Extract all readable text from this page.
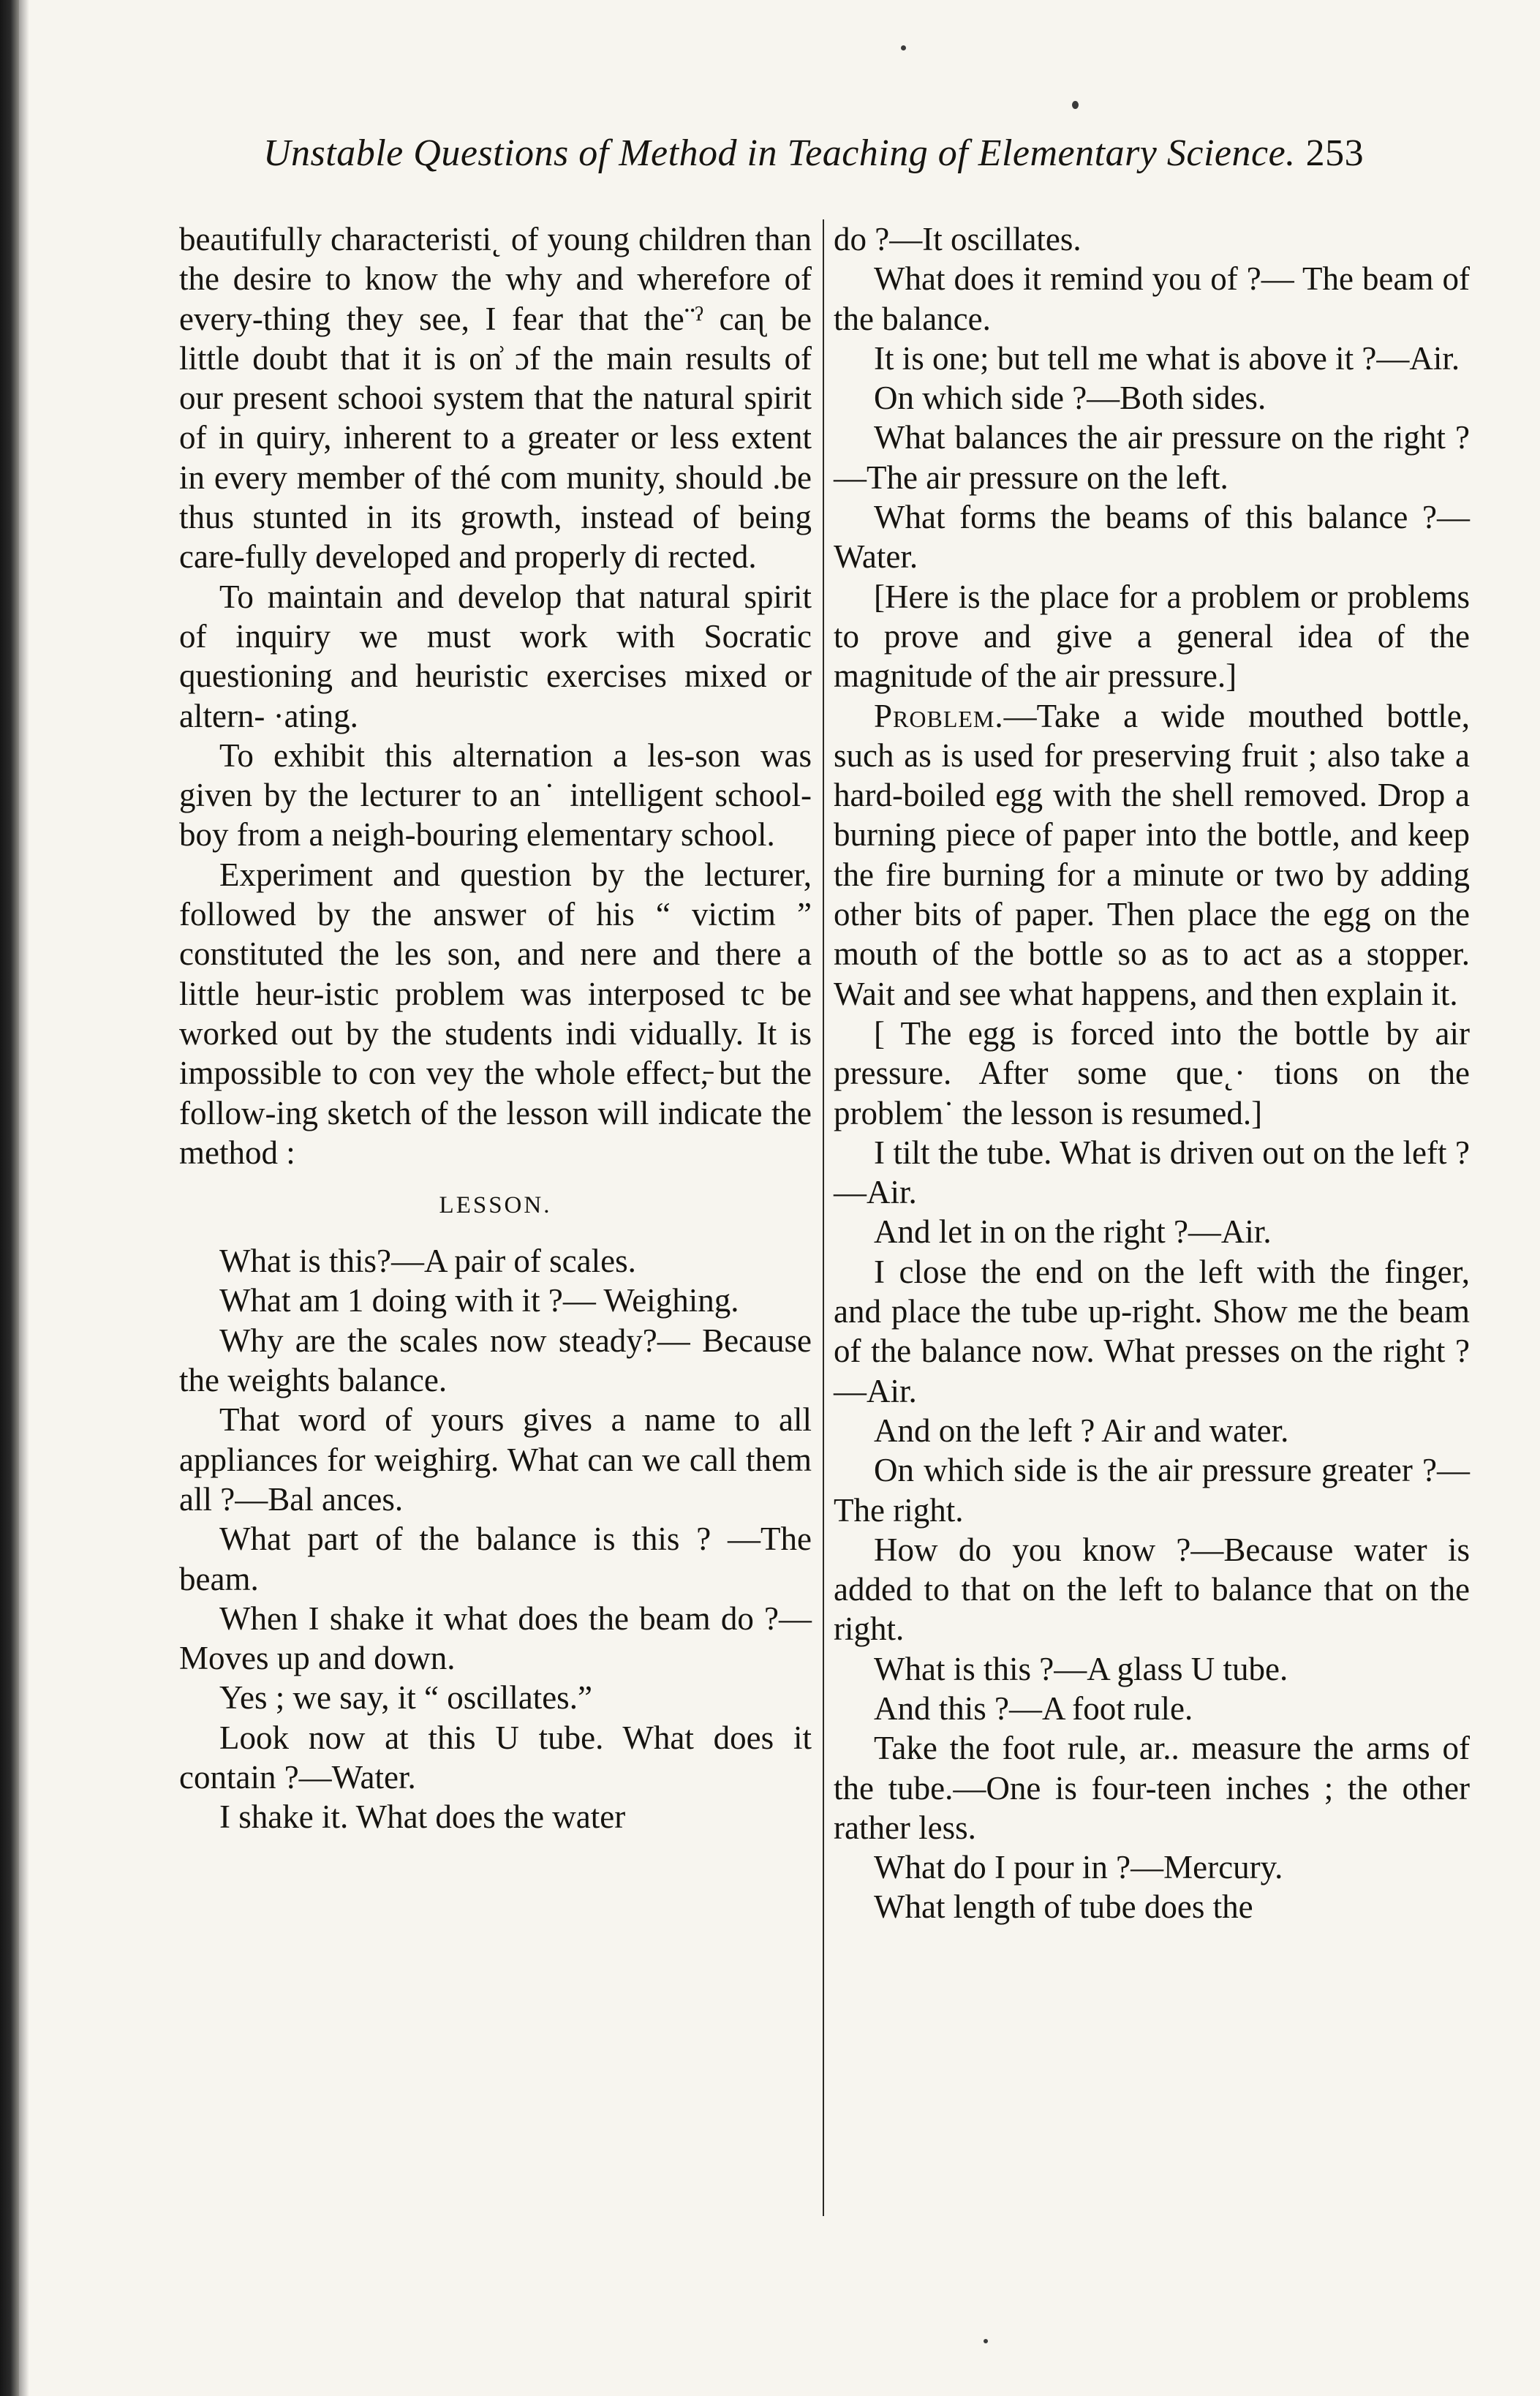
Unstable Questions of Method in Teaching of Elementary Science. 253

beautifully characteristi˛ of young children than the desire to know the why and wherefore of every-thing they see, I fear that the¨ˀ caɳ be little doubt that it is on͗ ɔf the main results of our present schooi system that the natural spirit of in quiry, inherent to a greater or less extent in every member of thé com munity, should .be thus stunted in its growth, instead of being care-fully developed and properly di rected.

To maintain and develop that natural spirit of inquiry we must work with Socratic questioning and heuristic exercises mixed or altern- ·ating.

To exhibit this alternation a les-son was given by the lecturer to an˙ intelligent school-boy from a neigh-bouring elementary school.

Experiment and question by the lecturer, followed by the answer of his “ victim ” constituted the les son, and nere and there a little heur-istic problem was interposed tc be worked out by the students indi vidually. It is impossible to con vey the whole effect,̵ but the follow-ing sketch of the lesson will indicate the method :

LESSON.

What is this?—A pair of scales.

What am 1 doing with it ?— Weighing.

Why are the scales now steady?— Because the weights balance.

That word of yours gives a name to all appliances for weighirg. What can we call them all ?—Bal ances.

What part of the balance is this ? —The beam.

When I shake it what does the beam do ?—Moves up and down.

Yes ; we say, it “ oscillates.”

Look now at this U tube. What does it contain ?—Water.

I shake it. What does the water

do ?—It oscillates.

What does it remind you of ?— The beam of the balance.

It is one; but tell me what is above it ?—Air.

On which side ?—Both sides.

What balances the air pressure on the right ?—The air pressure on the left.

What forms the beams of this balance ?—Water.

[Here is the place for a problem or problems to prove and give a general idea of the magnitude of the air pressure.]

Problem.—Take a wide mouthed bottle, such as is used for preserving fruit ; also take a hard-boiled egg with the shell removed. Drop a burning piece of paper into the bottle, and keep the fire burning for a minute or two by adding other bits of paper. Then place the egg on the mouth of the bottle so as to act as a stopper. Wait and see what happens, and then explain it.

[ The egg is forced into the bottle by air pressure. After some que˛· tions on the problem˙ the lesson is resumed.]

I tilt the tube. What is driven out on the left ?—Air.

And let in on the right ?—Air.

I close the end on the left with the finger, and place the tube up-right. Show me the beam of the balance now. What presses on the right ?—Air.

And on the left ? Air and water.

On which side is the air pressure greater ?—The right.

How do you know ?—Because water is added to that on the left to balance that on the right.

What is this ?—A glass U tube.

And this ?—A foot rule.

Take the foot rule, ar.. measure the arms of the tube.—One is four-teen inches ; the other rather less.

What do I pour in ?—Mercury.

What length of tube does the
